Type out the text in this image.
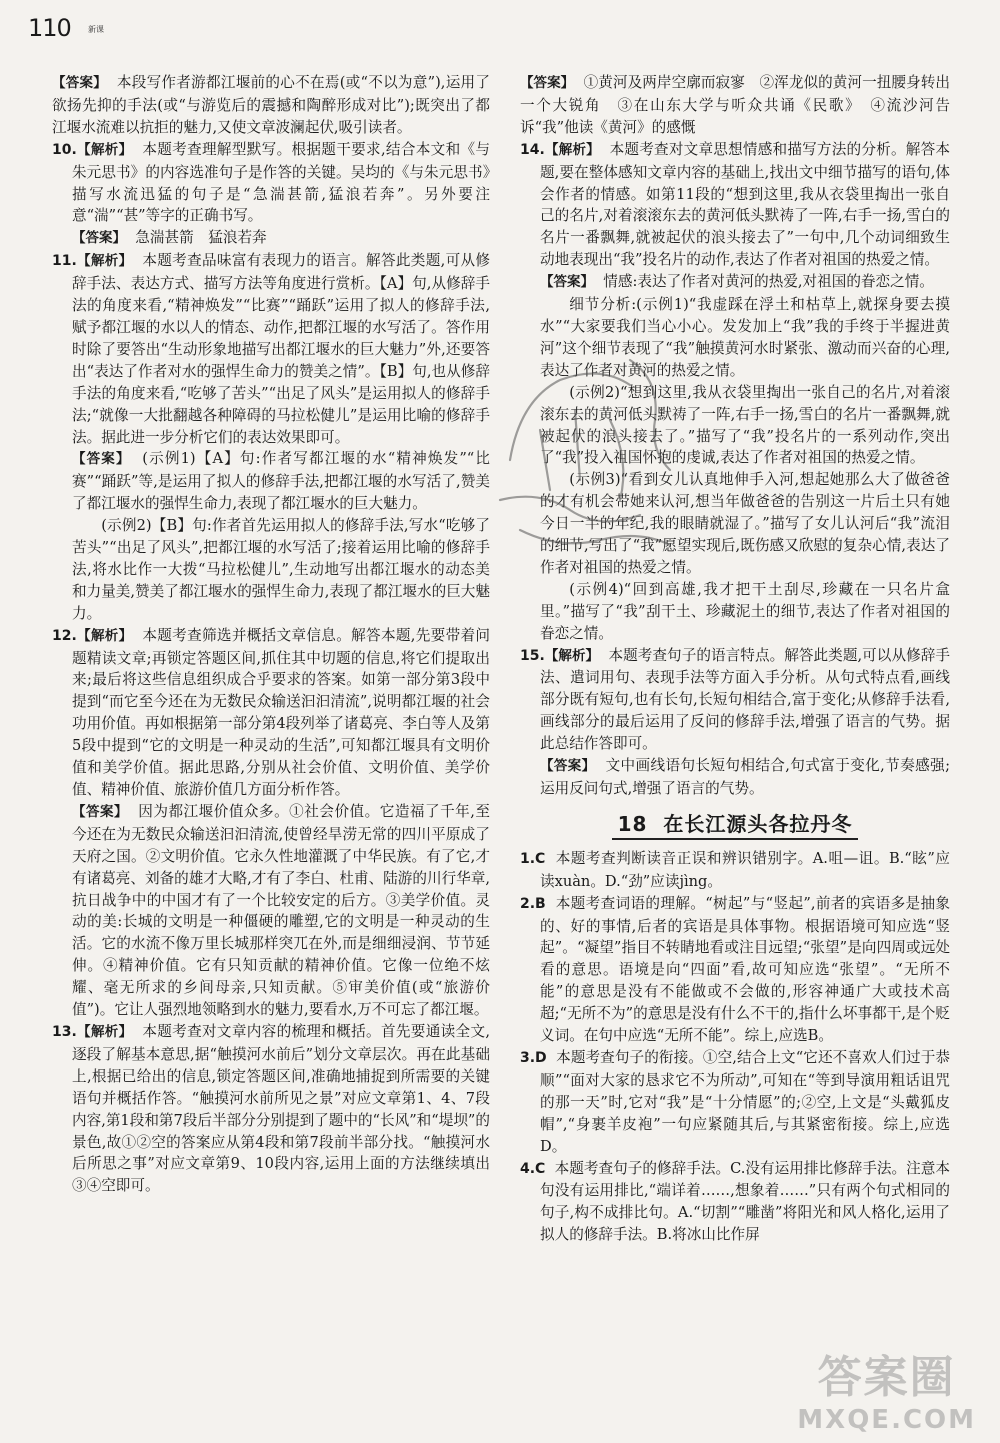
110 新课

【答案】 本段写作者游都江堰前的心不在焉(或“不以为意”),运用了欲扬先抑的手法(或“与游览后的震撼和陶醉形成对比”);既突出了都江堰水流难以抗拒的魅力,又使文章波澜起伏,吸引读者。

10.【解析】 本题考查理解型默写。根据题干要求,结合本文和《与朱元思书》的内容选准句子是作答的关键。吴均的《与朱元思书》描写水流迅猛的句子是“急湍甚箭,猛浪若奔”。另外要注意“湍”“甚”等字的正确书写。

【答案】 急湍甚箭　猛浪若奔

11.【解析】 本题考查品味富有表现力的语言。解答此类题,可从修辞手法、表达方式、描写方法等角度进行赏析。【A】句,从修辞手法的角度来看,“精神焕发”“比赛”“踊跃”运用了拟人的修辞手法,赋予都江堰的水以人的情态、动作,把都江堰的水写活了。答作用时除了要答出“生动形象地描写出都江堰水的巨大魅力”外,还要答出“表达了作者对水的强悍生命力的赞美之情”。【B】句,也从修辞手法的角度来看,“吃够了苦头”“出足了风头”是运用拟人的修辞手法;“就像一大批翻越各种障碍的马拉松健儿”是运用比喻的修辞手法。据此进一步分析它们的表达效果即可。

【答案】 (示例1)【A】句:作者写都江堰的水“精神焕发”“比赛”“踊跃”等,是运用了拟人的修辞手法,把都江堰的水写活了,赞美了都江堰水的强悍生命力,表现了都江堰水的巨大魅力。

(示例2)【B】句:作者首先运用拟人的修辞手法,写水“吃够了苦头”“出足了风头”,把都江堰的水写活了;接着运用比喻的修辞手法,将水比作一大拨“马拉松健儿”,生动地写出都江堰水的动态美和力量美,赞美了都江堰水的强悍生命力,表现了都江堰水的巨大魅力。

12.【解析】 本题考查筛选并概括文章信息。解答本题,先要带着问题精读文章;再锁定答题区间,抓住其中切题的信息,将它们提取出来;最后将这些信息组织成合乎要求的答案。如第一部分第3段中提到“而它至今还在为无数民众输送汩汩清流”,说明都江堰的社会功用价值。再如根据第一部分第4段列举了诸葛亮、李白等人及第5段中提到“它的文明是一种灵动的生活”,可知都江堰具有文明价值和美学价值。据此思路,分别从社会价值、文明价值、美学价值、精神价值、旅游价值几方面分析作答。

【答案】 因为都江堰价值众多。①社会价值。它造福了千年,至今还在为无数民众输送汩汩清流,使曾经旱涝无常的四川平原成了天府之国。②文明价值。它永久性地灌溉了中华民族。有了它,才有诸葛亮、刘备的雄才大略,才有了李白、杜甫、陆游的川行华章,抗日战争中的中国才有了一个比较安定的后方。③美学价值。灵动的美:长城的文明是一种僵硬的雕塑,它的文明是一种灵动的生活。它的水流不像万里长城那样突兀在外,而是细细浸润、节节延伸。④精神价值。它有只知贡献的精神价值。它像一位绝不炫耀、毫无所求的乡间母亲,只知贡献。⑤审美价值(或“旅游价值”)。它让人强烈地领略到水的魅力,要看水,万不可忘了都江堰。

13.【解析】 本题考查对文章内容的梳理和概括。首先要通读全文,逐段了解基本意思,据“触摸河水前后”划分文章层次。再在此基础上,根据已给出的信息,锁定答题区间,准确地捕捉到所需要的关键语句并概括作答。“触摸河水前所见之景”对应文章第1、4、7段内容,第1段和第7段后半部分分别提到了题中的“长风”和“堤坝”的景色,故①②空的答案应从第4段和第7段前半部分找。“触摸河水后所思之事”对应文章第9、10段内容,运用上面的方法继续填出③④空即可。

【答案】 ①黄河及两岸空廓而寂寥　②浑龙似的黄河一扭腰身转出一个大锐角　③在山东大学与听众共诵《民歌》　④流沙河告诉“我”他读《黄河》的感慨

14.【解析】 本题考查对文章思想情感和描写方法的分析。解答本题,要在整体感知文章内容的基础上,找出文中细节描写的语句,体会作者的情感。如第11段的“想到这里,我从衣袋里掏出一张自己的名片,对着滚滚东去的黄河低头默祷了一阵,右手一扬,雪白的名片一番飘舞,就被起伏的浪头接去了”一句中,几个动词细致生动地表现出“我”投名片的动作,表达了作者对祖国的热爱之情。

【答案】 情感:表达了作者对黄河的热爱,对祖国的眷恋之情。

细节分析:(示例1)“我虚踩在浮土和枯草上,就探身要去摸水”“大家要我们当心小心。发发加上“我”我的手终于半握进黄河”这个细节表现了“我”触摸黄河水时紧张、激动而兴奋的心理,表达了作者对黄河的热爱之情。

(示例2)“想到这里,我从衣袋里掏出一张自己的名片,对着滚滚东去的黄河低头默祷了一阵,右手一扬,雪白的名片一番飘舞,就被起伏的浪头接去了。”描写了“我”投名片的一系列动作,突出了“我”投入祖国怀抱的虔诚,表达了作者对祖国的热爱之情。

(示例3)“看到女儿认真地伸手入河,想起她那么大了做爸爸的才有机会带她来认河,想当年做爸爸的告别这一片后土只有她今日一半的年纪,我的眼睛就湿了。”描写了女儿认河后“我”流泪的细节,写出了“我”愿望实现后,既伤感又欣慰的复杂心情,表达了作者对祖国的热爱之情。

(示例4)“回到高雄,我才把干土刮尽,珍藏在一只名片盒里。”描写了“我”刮干土、珍藏泥土的细节,表达了作者对祖国的眷恋之情。

15.【解析】 本题考查句子的语言特点。解答此类题,可以从修辞手法、遣词用句、表现手法等方面入手分析。从句式特点看,画线部分既有短句,也有长句,长短句相结合,富于变化;从修辞手法看,画线部分的最后运用了反问的修辞手法,增强了语言的气势。据此总结作答即可。

【答案】 文中画线语句长短句相结合,句式富于变化,节奏感强;运用反问句式,增强了语言的气势。

18 在长江源头各拉丹冬

1.C 本题考查判断读音正误和辨识错别字。A.咀—诅。B.“眩”应读xuàn。D.“劲”应读jìng。

2.B 本题考查词语的理解。“树起”与“竖起”,前者的宾语多是抽象的、好的事情,后者的宾语是具体事物。根据语境可知应选“竖起”。“凝望”指目不转睛地看或注目远望;“张望”是向四周或远处看的意思。语境是向“四面”看,故可知应选“张望”。“无所不能”的意思是没有不能做或不会做的,形容神通广大或技术高超;“无所不为”的意思是没有什么不干的,指什么坏事都干,是个贬义词。在句中应选“无所不能”。综上,应选B。

3.D 本题考查句子的衔接。①空,结合上文“它还不喜欢人们过于恭顺”“面对大家的恳求它不为所动”,可知在“等到导演用粗话诅咒的那一天”时,它对“我”是“十分情愿”的;②空,上文是“头戴狐皮帽”,“身裹羊皮袍”一句应紧随其后,与其紧密衔接。综上,应选D。

4.C 本题考查句子的修辞手法。C.没有运用排比修辞手法。注意本句没有运用排比,“端详着……,想象着……”只有两个句式相同的句子,构不成排比句。A.“切割”“雕凿”将阳光和风人格化,运用了拟人的修辞手法。B.将冰山比作屏

答案圈
MXQE.COM
